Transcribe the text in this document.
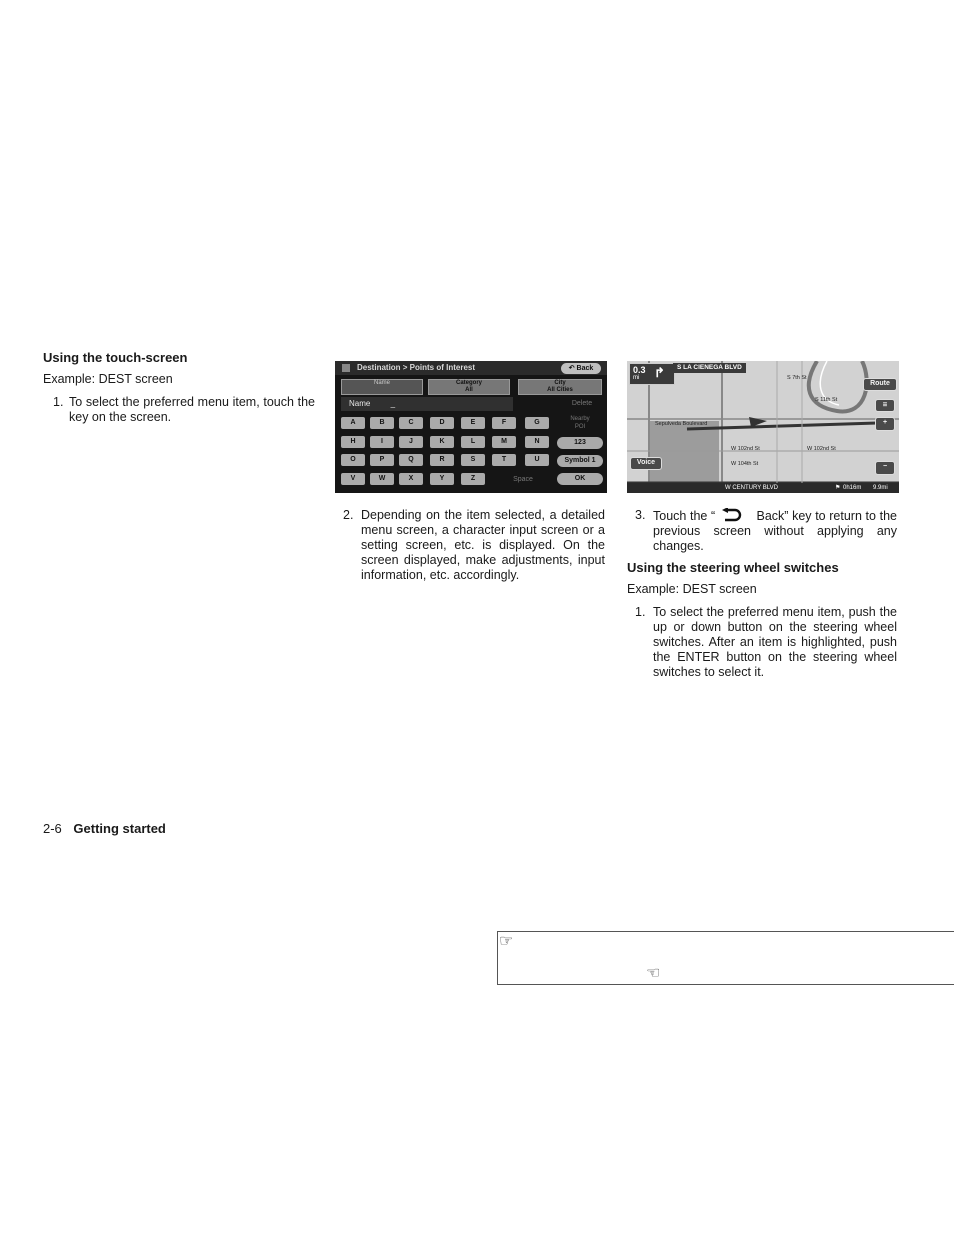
Using the touch-screen
Example: DEST screen
1. To select the preferred menu item, touch the key on the screen.
Destination > Points of Interest	↶ Back
Name	Category
All
City
All Cities
Name	_	Delete
A	B	C	D	E	F	G	Nearby
POI
H	I	J	K	L	M	N	123
O	P	Q	R	S	T	U	Symbol 1
V	W	X	Y	Z	Space	OK
2. Depending on the item selected, a detailed menu screen, a character input screen or a setting screen, etc. is displayed. On the screen displayed, make adjustments, input information, etc. accordingly.
0.3
mi ↱	S LA CIENEGA BLVD
Route
☰
+
−
Voice
S 7th St
Sepulveda Boulevard
W 102nd St	W 102nd St
W 104th St
S 11th St
W CENTURY BLVD	⚑ 0h16m 9.9mi
3. Touch the “	Back” key to return to the previous screen without applying any changes.
Using the steering wheel switches
Example: DEST screen
1. To select the preferred menu item, push the up or down button on the steering wheel switches. After an item is highlighted, push the ENTER button on the steering wheel switches to select it.
2-6 Getting started
☞
☜
